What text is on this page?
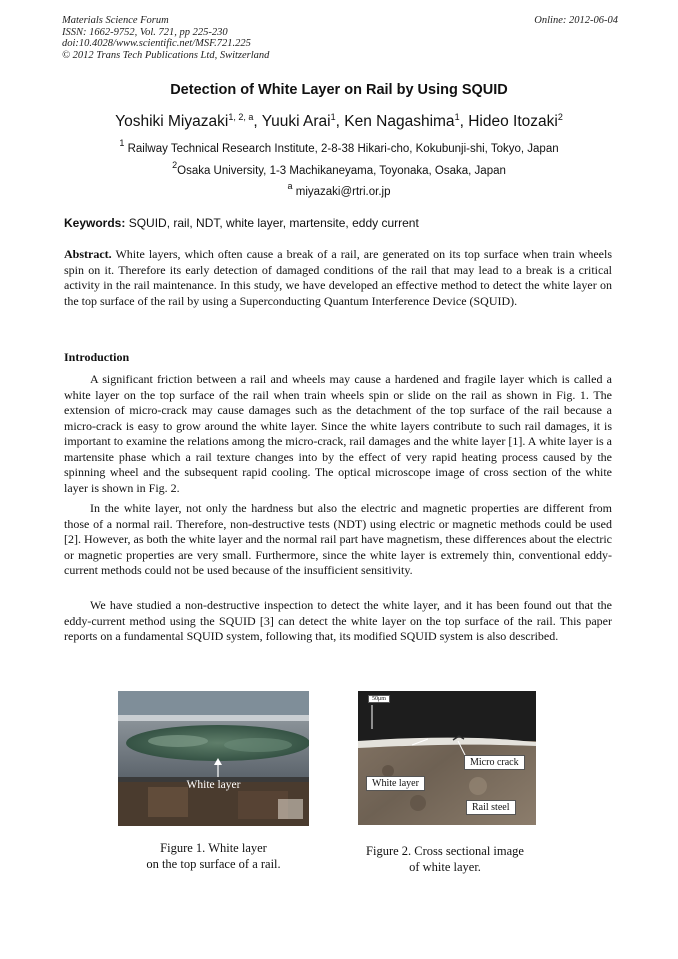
Materials Science Forum
ISSN: 1662-9752, Vol. 721, pp 225-230
doi:10.4028/www.scientific.net/MSF.721.225
© 2012 Trans Tech Publications Ltd, Switzerland
Online: 2012-06-04
Detection of White Layer on Rail by Using SQUID
Yoshiki Miyazaki$^{1, 2, a}$, Yuuki Arai$^1$, Ken Nagashima$^1$, Hideo Itozaki$^2$
$^1$ Railway Technical Research Institute, 2-8-38 Hikari-cho, Kokubunji-shi, Tokyo, Japan
$^2$Osaka University, 1-3 Machikaneyama, Toyonaka, Osaka, Japan
$^a$ miyazaki@rtri.or.jp
Keywords: SQUID, rail, NDT, white layer, martensite, eddy current

Abstract. White layers, which often cause a break of a rail, are generated on its top surface when train wheels spin on it. Therefore its early detection of damaged conditions of the rail that may lead to a break is a critical activity in the rail maintenance. In this study, we have developed an effective method to detect the white layer on the top surface of the rail by using a Superconducting Quantum Interference Device (SQUID).

Introduction

A significant friction between a rail and wheels may cause a hardened and fragile layer which is called a white layer on the top surface of the rail when train wheels spin or slide on the rail as shown in Fig. 1. The extension of micro-crack may cause damages such as the detachment of the top surface of the rail because a micro-crack is easy to grow around the white layer. Since the white layers contribute to such rail damages, it is important to examine the relations among the micro-crack, rail damages and the white layer [1]. A white layer is a martensite phase which a rail texture changes into by the effect of very rapid heating process caused by the spinning wheel and the subsequent rapid cooling. The optical microscope image of cross section of the white layer is shown in Fig. 2.

In the white layer, not only the hardness but also the electric and magnetic properties are different from those of a normal rail. Therefore, non-destructive tests (NDT) using electric or magnetic methods could be used [2]. However, as both the white layer and the normal rail part have magnetism, these differences about the electric or magnetic properties are very small. Furthermore, since the white layer is extremely thin, conventional eddy-current methods could not be used because of the insufficient sensitivity.

We have studied a non-destructive inspection to detect the white layer, and it has been found out that the eddy-current method using the SQUID [3] can detect the white layer on the top surface of the rail. This paper reports on a fundamental SQUID system, following that, its modified SQUID system is also described.

White layer
Figure 1. White layer
on the top surface of a rail.
50μm
Micro crack
White layer
Rail steel
Figure 2. Cross sectional image
of white layer.
